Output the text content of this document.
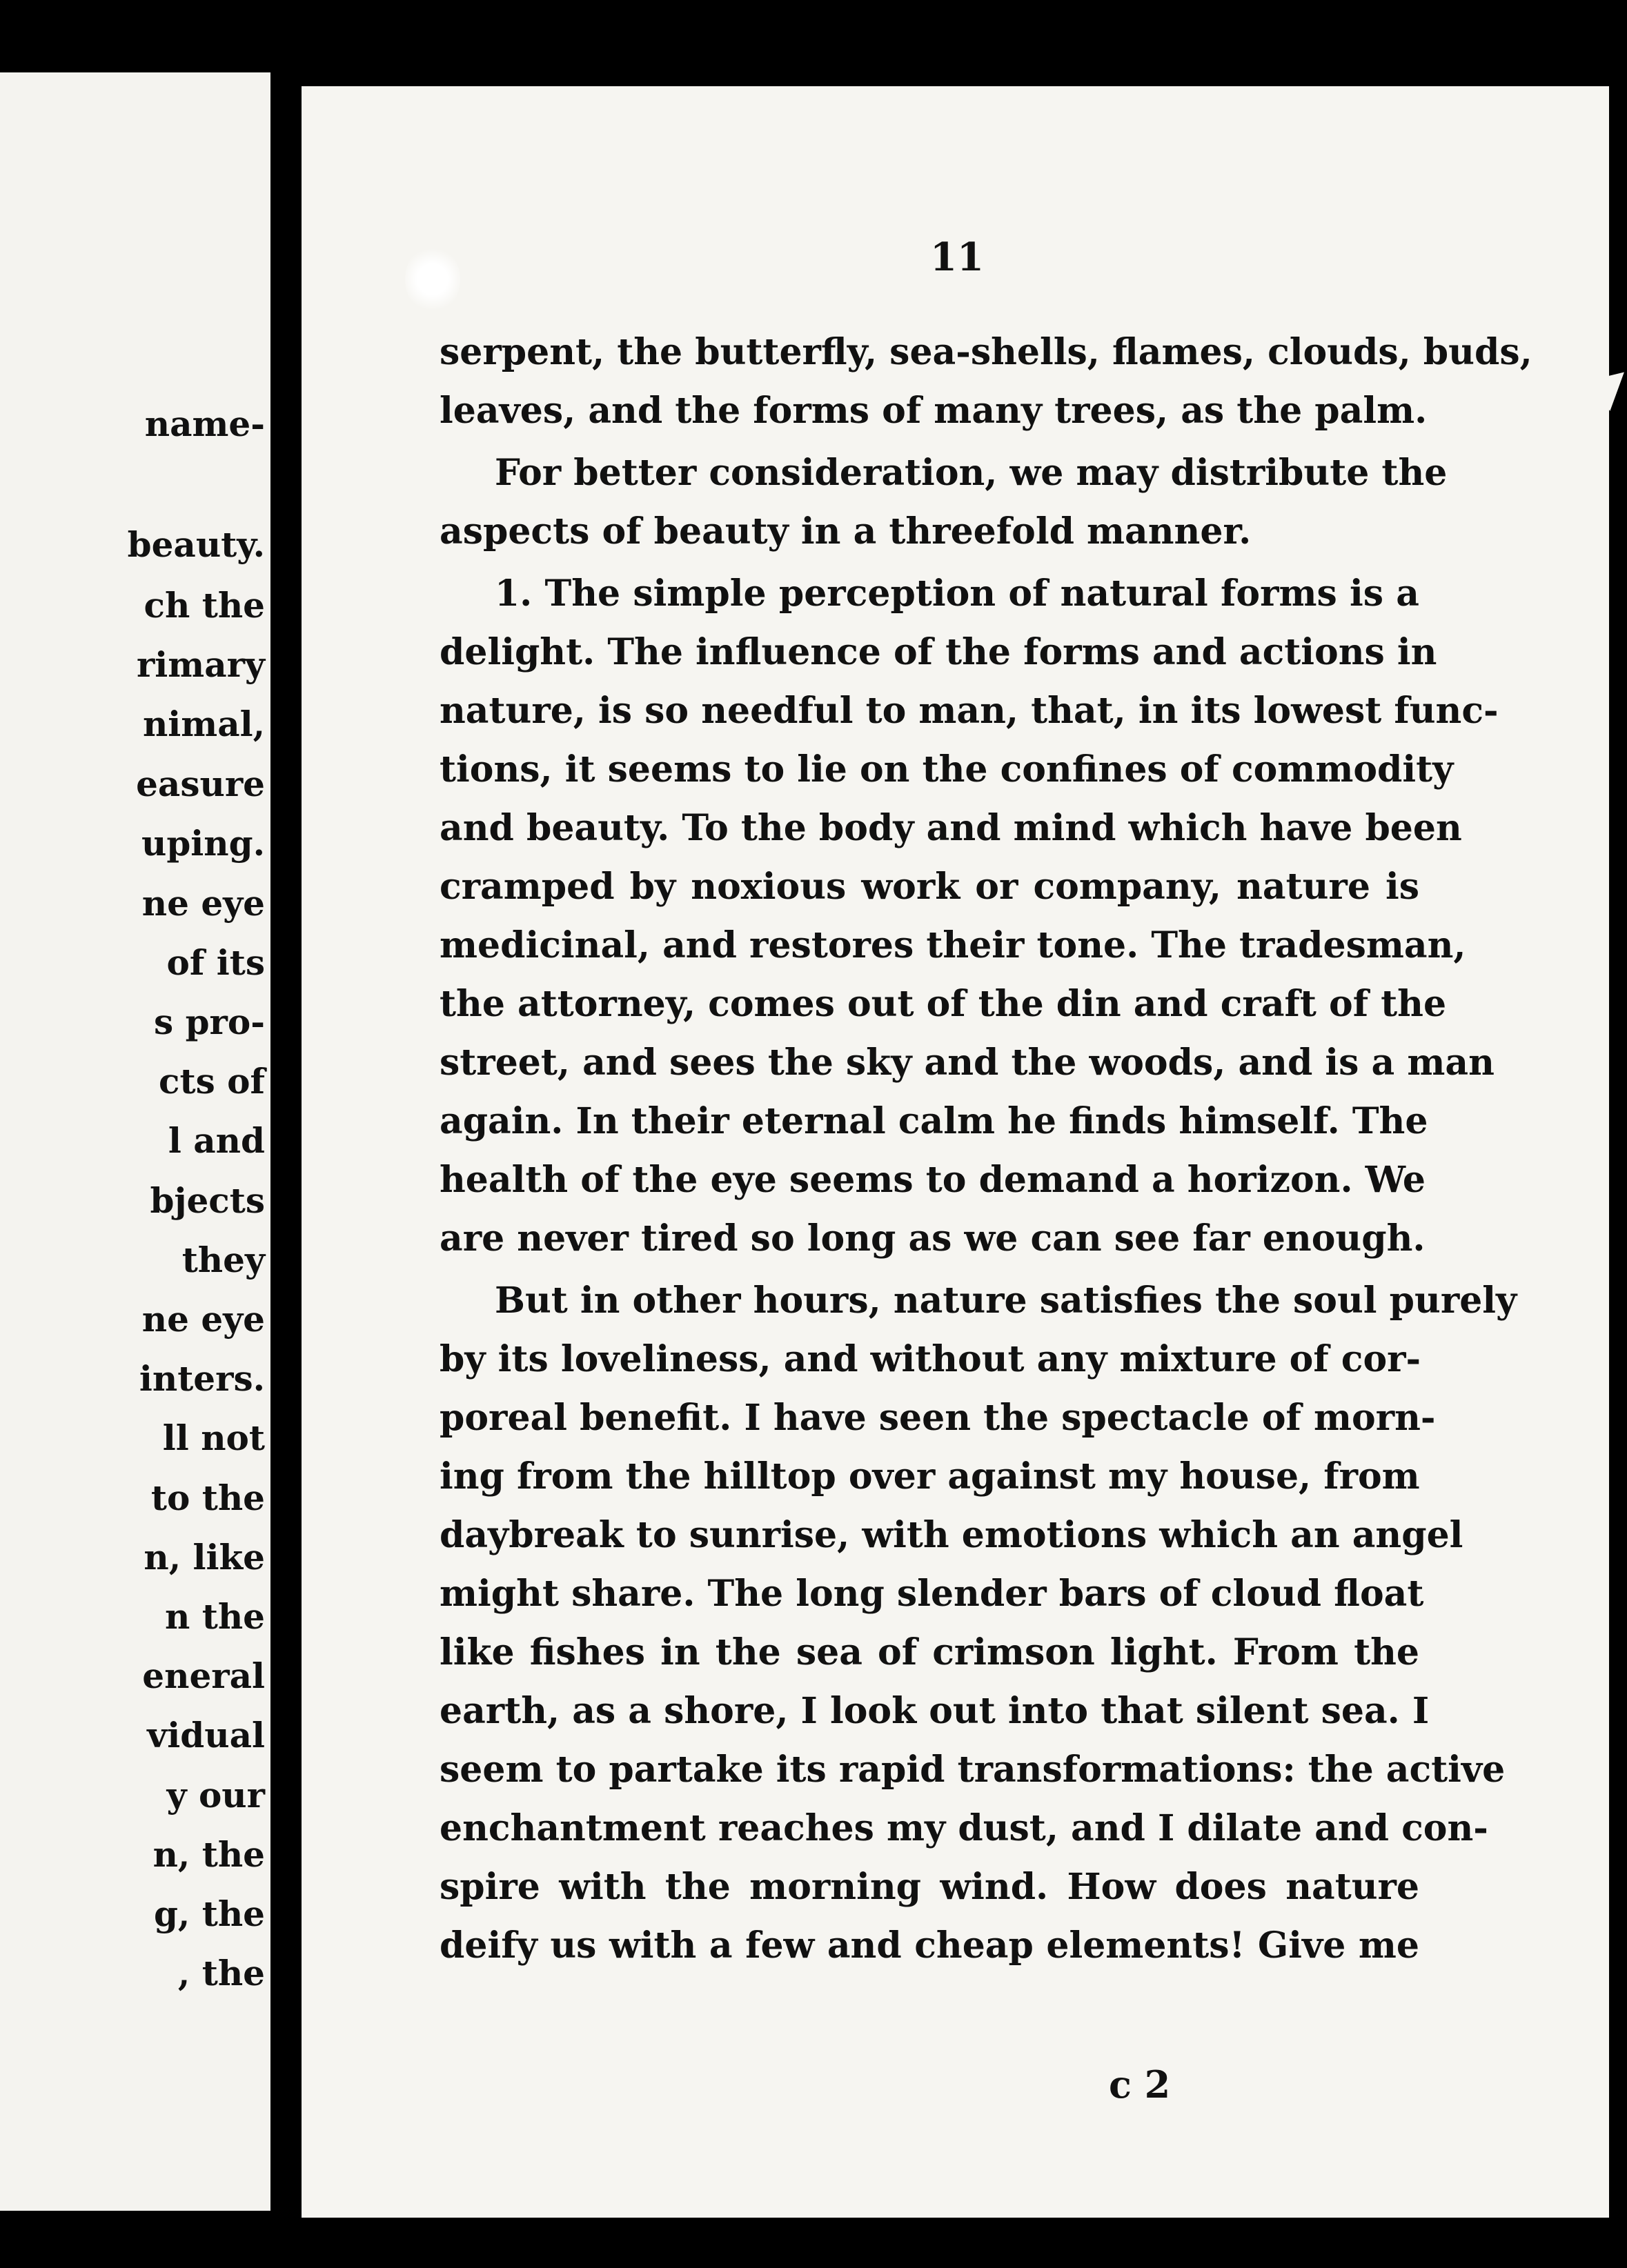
name-
beauty.
ch the
rimary
nimal,
easure
uping.
ne eye
of its
s pro-
cts of
l and
bjects
they
ne eye
inters.
ll not
to the
n, like
n the
eneral
vidual
y our
n, the
g, the
, the
11
serpent, the butterfly, sea-shells, flames, clouds, buds,
leaves, and the forms of many trees, as the palm.
For better consideration, we may distribute the
aspects of beauty in a threefold manner.
1. The simple perception of natural forms is a
delight. The influence of the forms and actions in
nature, is so needful to man, that, in its lowest func-
tions, it seems to lie on the confines of commodity
and beauty. To the body and mind which have been
cramped by noxious work or company, nature is
medicinal, and restores their tone. The tradesman,
the attorney, comes out of the din and craft of the
street, and sees the sky and the woods, and is a man
again. In their eternal calm he finds himself. The
health of the eye seems to demand a horizon. We
are never tired so long as we can see far enough.
But in other hours, nature satisfies the soul purely
by its loveliness, and without any mixture of cor-
poreal benefit. I have seen the spectacle of morn-
ing from the hilltop over against my house, from
daybreak to sunrise, with emotions which an angel
might share. The long slender bars of cloud float
like fishes in the sea of crimson light. From the
earth, as a shore, I look out into that silent sea. I
seem to partake its rapid transformations: the active
enchantment reaches my dust, and I dilate and con-
spire with the morning wind. How does nature
deify us with a few and cheap elements! Give me
c 2
